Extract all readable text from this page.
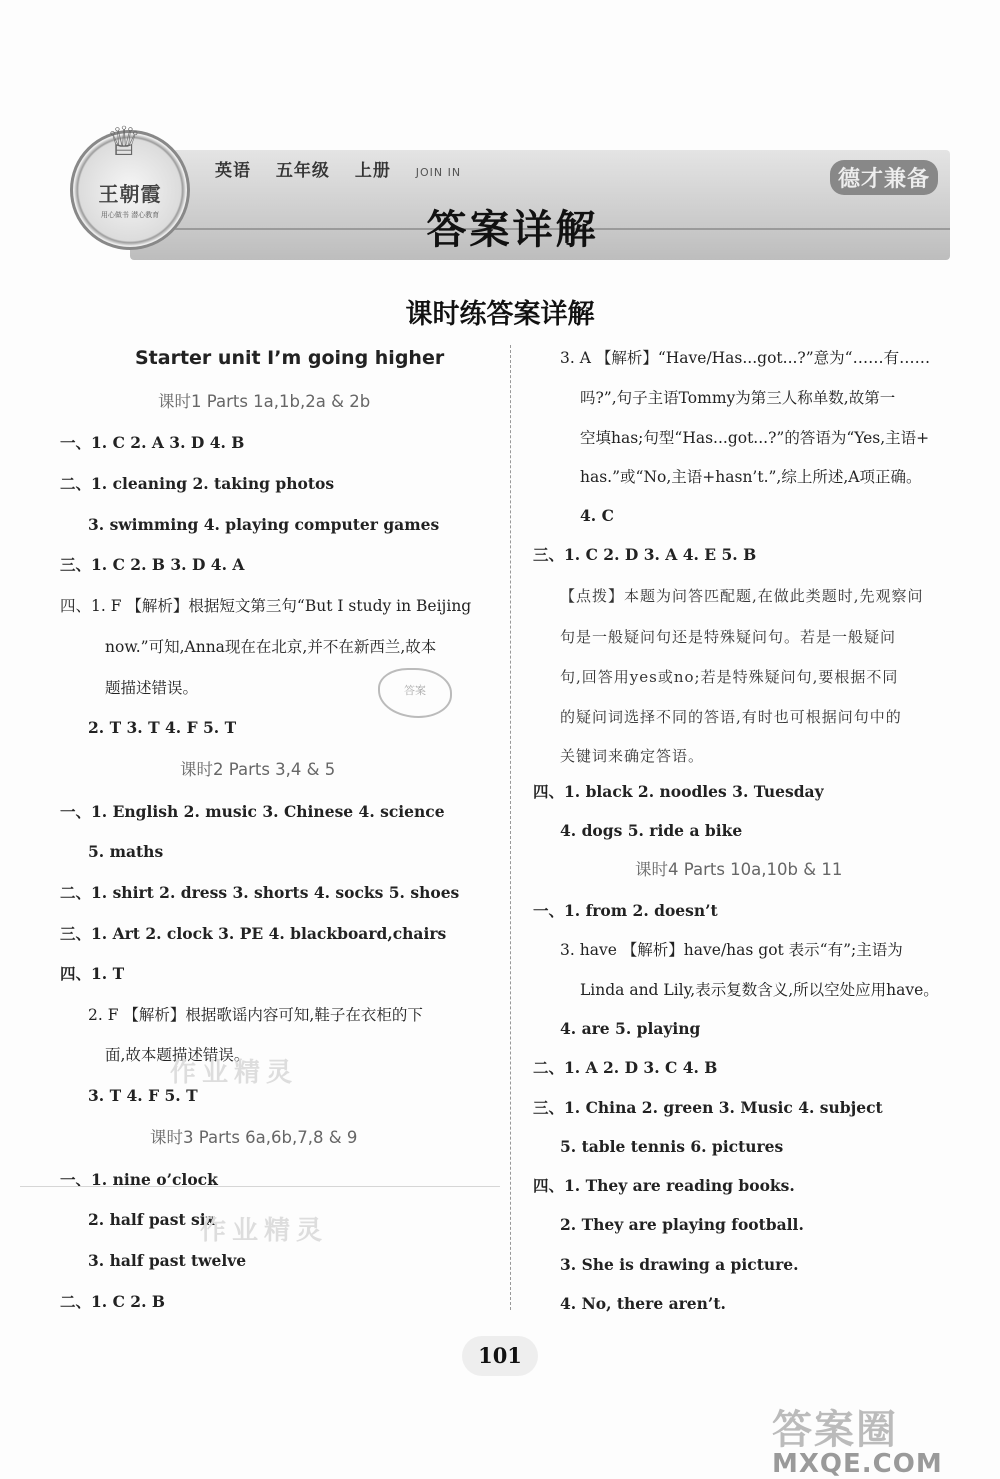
♕
王朝霞
用心做书 潜心教育
英语 五年级 上册 JOIN IN	德才兼备
答案详解
课时练答案详解
Starter unit I’m going higher
课时1 Parts 1a,1b,2a & 2b
一、1. C 2. A 3. D 4. B
二、1. cleaning 2. taking photos
3. swimming 4. playing computer games
三、1. C 2. B 3. D 4. A
四、1. F 【解析】根据短文第三句“But I study in Beijing
now.”可知,Anna现在在北京,并不在新西兰,故本
题描述错误。
2. T 3. T 4. F 5. T
课时2 Parts 3,4 & 5
一、1. English 2. music 3. Chinese 4. science
5. maths
二、1. shirt 2. dress 3. shorts 4. socks 5. shoes
三、1. Art 2. clock 3. PE 4. blackboard,chairs
四、1. T
2. F 【解析】根据歌谣内容可知,鞋子在衣柜的下
面,故本题描述错误。
3. T 4. F 5. T
课时3 Parts 6a,6b,7,8 & 9
一、1. nine o’clock
2. half past six
3. half past twelve
二、1. C 2. B
3. A 【解析】“Have/Has...got...?”意为“……有……
吗?”,句子主语Tommy为第三人称单数,故第一
空填has;句型“Has...got...?”的答语为“Yes,主语+
has.”或“No,主语+hasn’t.”,综上所述,A项正确。
4. C
三、1. C 2. D 3. A 4. E 5. B
【点拨】本题为问答匹配题,在做此类题时,先观察问
句是一般疑问句还是特殊疑问句。若是一般疑问
句,回答用yes或no;若是特殊疑问句,要根据不同
的疑问词选择不同的答语,有时也可根据问句中的
关键词来确定答语。
四、1. black 2. noodles 3. Tuesday
4. dogs 5. ride a bike
课时4 Parts 10a,10b & 11
一、1. from 2. doesn’t
3. have 【解析】have/has got 表示“有”;主语为
Linda and Lily,表示复数含义,所以空处应用have。
4. are 5. playing
二、1. A 2. D 3. C 4. B
三、1. China 2. green 3. Music 4. subject
5. table tennis 6. pictures
四、1. They are reading books.
2. They are playing football.
3. She is drawing a picture.
4. No, there aren’t.
答案
作业精灵
作业精灵
101
答案圈
MXQE.COM
